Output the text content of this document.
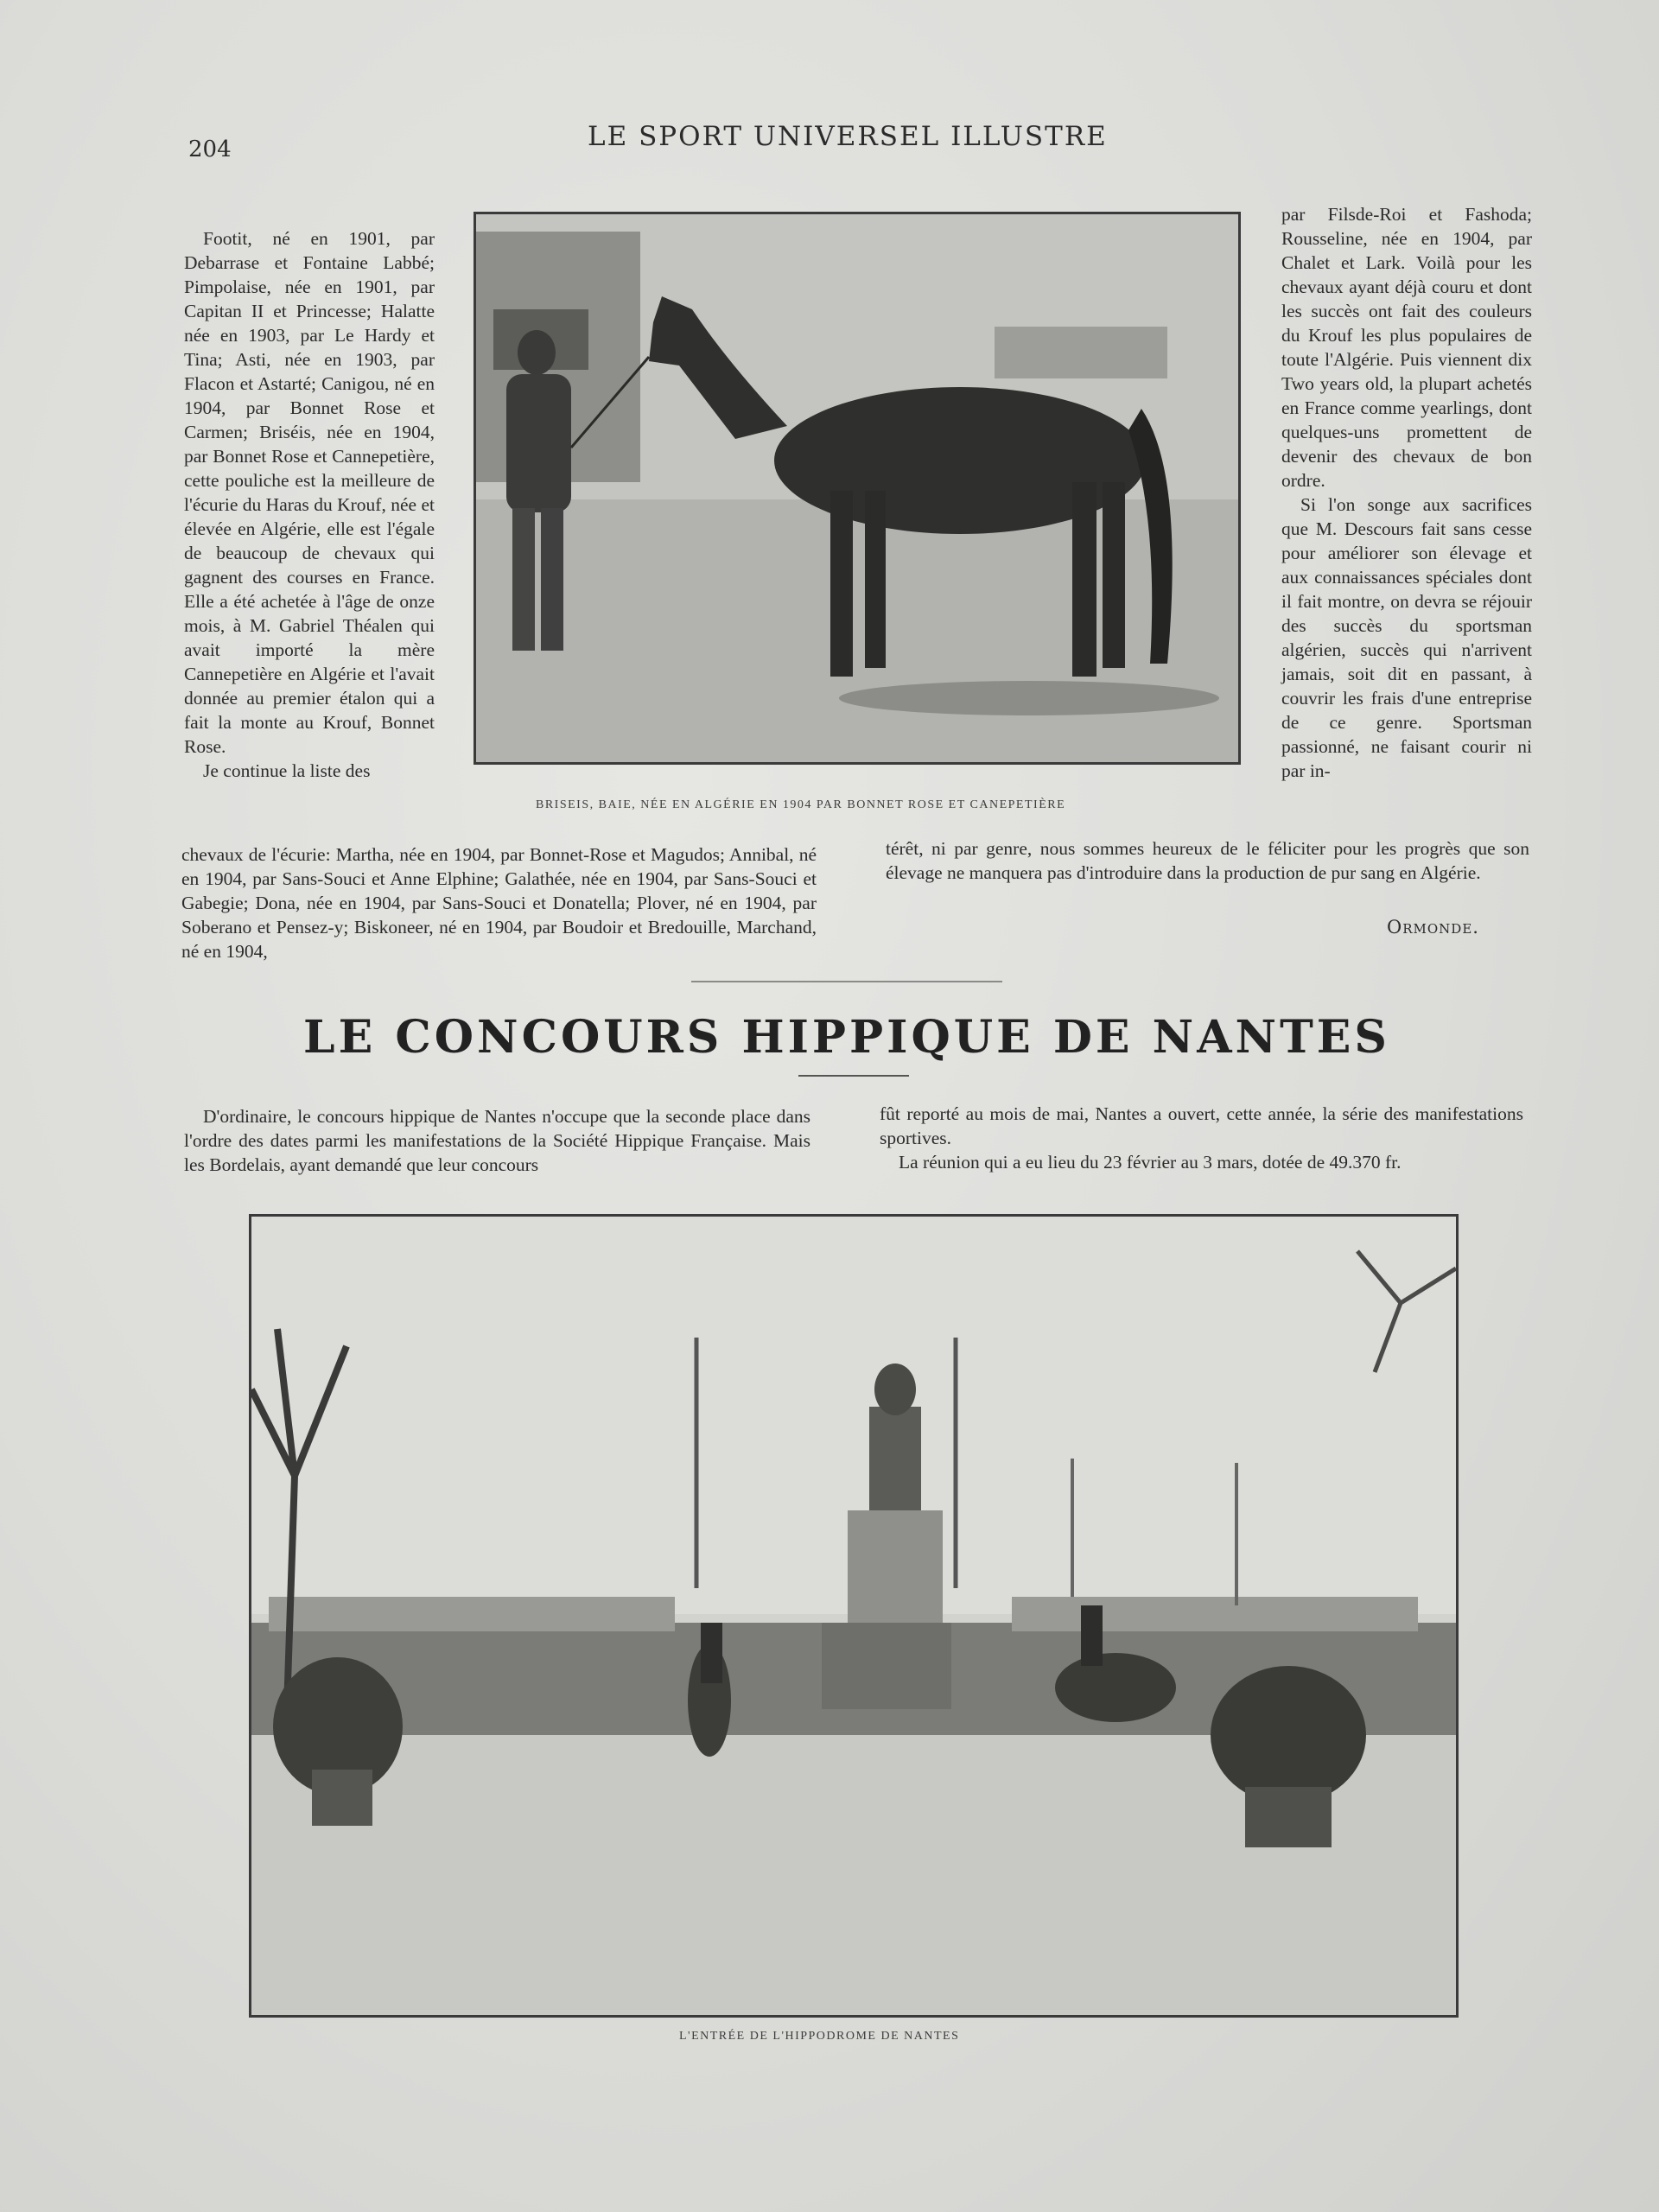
204	LE SPORT UNIVERSEL ILLUSTRE

Footit, né en 1901, par Debarrase et Fontaine Labbé; Pimpolaise, née en 1901, par Capitan II et Princesse; Halatte née en 1903, par Le Hardy et Tina; Asti, née en 1903, par Flacon et Astarté; Canigou, né en 1904, par Bonnet Rose et Carmen; Briséis, née en 1904, par Bonnet Rose et Cannepetière, cette pouliche est la meilleure de l'écurie du Haras du Krouf, née et élevée en Algérie, elle est l'égale de beaucoup de chevaux qui gagnent des courses en France. Elle a été achetée à l'âge de onze mois, à M. Gabriel Théalen qui avait importé la mère Cannepetière en Algérie et l'avait donnée au premier étalon qui a fait la monte au Krouf, Bonnet Rose.

Je continue la liste des

BRISEIS, BAIE, NÉE EN ALGÉRIE EN 1904 PAR BONNET ROSE ET CANEPETIÈRE

par Filsde-Roi et Fashoda; Rousseline, née en 1904, par Chalet et Lark. Voilà pour les chevaux ayant déjà couru et dont les succès ont fait des couleurs du Krouf les plus populaires de toute l'Algérie. Puis viennent dix Two years old, la plupart achetés en France comme yearlings, dont quelques-uns promettent de devenir des chevaux de bon ordre.

Si l'on songe aux sacrifices que M. Descours fait sans cesse pour améliorer son élevage et aux connaissances spéciales dont il fait montre, on devra se réjouir des succès du sportsman algérien, succès qui n'arrivent jamais, soit dit en passant, à couvrir les frais d'une entreprise de ce genre. Sportsman passionné, ne faisant courir ni par in-

chevaux de l'écurie: Martha, née en 1904, par Bonnet-Rose et Magudos; Annibal, né en 1904, par Sans-Souci et Anne Elphine; Galathée, née en 1904, par Sans-Souci et Gabegie; Dona, née en 1904, par Sans-Souci et Donatella; Plover, né en 1904, par Soberano et Pensez-y; Biskoneer, né en 1904, par Boudoir et Bredouille, Marchand, né en 1904,
térêt, ni par genre, nous sommes heureux de le féliciter pour les progrès que son élevage ne manquera pas d'introduire dans la production de pur sang en Algérie.
Ormonde.
LE CONCOURS HIPPIQUE DE NANTES

D'ordinaire, le concours hippique de Nantes n'occupe que la seconde place dans l'ordre des dates parmi les manifestations de la Société Hippique Française. Mais les Bordelais, ayant demandé que leur concours

fût reporté au mois de mai, Nantes a ouvert, cette année, la série des manifestations sportives.

La réunion qui a eu lieu du 23 février au 3 mars, dotée de 49.370 fr.

L'ENTRÉE DE L'HIPPODROME DE NANTES
